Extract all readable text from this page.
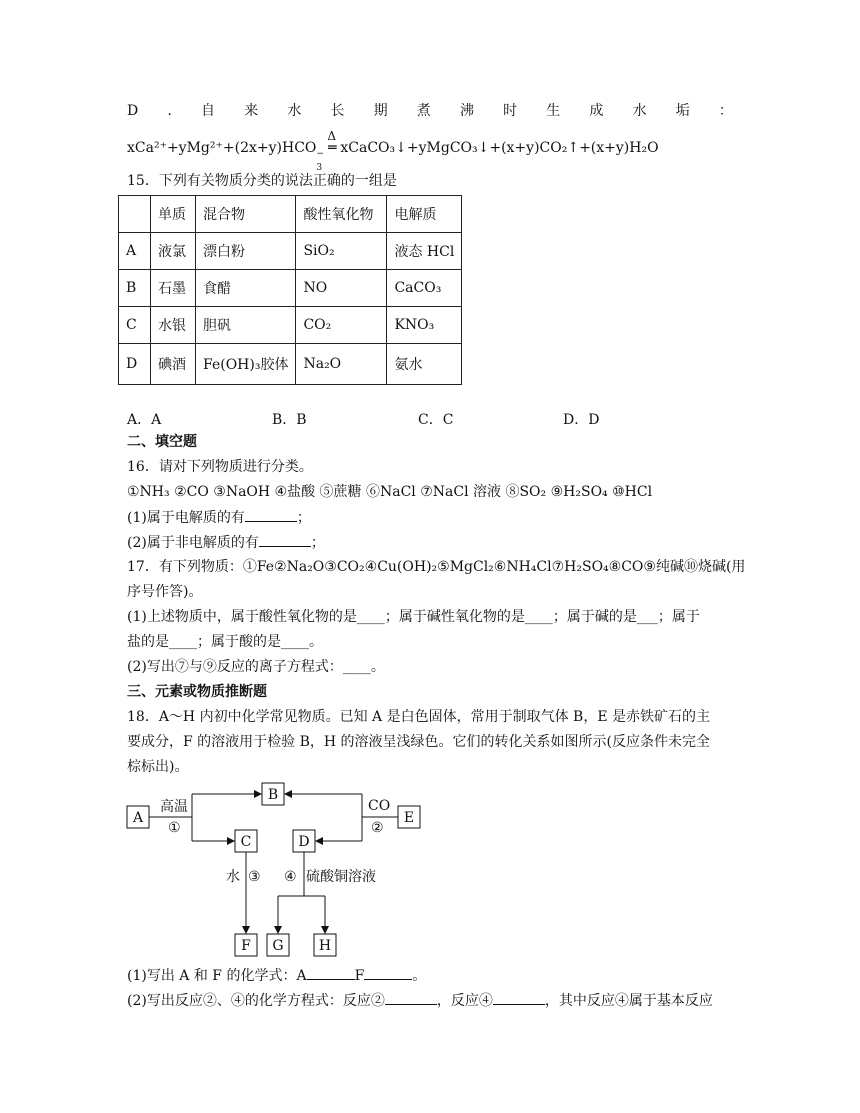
D . 自 来 水 长 期 煮 沸 时 生 成 水 垢 ：
xCa²⁺+yMg²⁺+(2x+y)HCO −
3
Δ
═ xCaCO₃↓+yMgCO₃↓+(x+y)CO₂↑+(x+y)H₂O
15．下列有关物质分类的说法正确的一组是
	单质	混合物	酸性氧化物	电解质
A	液氯	漂白粉	SiO₂	液态 HCl
B	石墨	食醋	NO	CaCO₃
C	水银	胆矾	CO₂	KNO₃
D	碘酒	Fe(OH)₃胶体	Na₂O	氨水
A．A	B．B	C．C	D．D
二、填空题
16．请对下列物质进行分类。
①NH₃ ②CO ③NaOH ④盐酸 ⑤蔗糖 ⑥NaCl ⑦NaCl 溶液 ⑧SO₂ ⑨H₂SO₄ ⑩HCl
(1)属于电解质的有	；
(2)属于非电解质的有	；
17．有下列物质：①Fe②Na₂O③CO₂④Cu(OH)₂⑤MgCl₂⑥NH₄Cl⑦H₂SO₄⑧CO⑨纯碱⑩烧碱(用
序号作答)。
(1)上述物质中，属于酸性氧化物的是____；属于碱性氧化物的是____；属于碱的是___；属于
盐的是____；属于酸的是____。
(2)写出⑦与⑨反应的离子方程式：____。
三、元素或物质推断题
18．A～H 内初中化学常见物质。已知 A 是白色固体，常用于制取气体 B，E 是赤铁矿石的主
要成分，F 的溶液用于检验 B，H 的溶液呈浅绿色。它们的转化关系如图所示(反应条件未完全
棕标出)。
A
B
C	D
E
F G	H
高温
①
CO
②
水 ③ ④ 硫酸铜溶液
(1)写出 A 和 F 的化学式：A	F	。
(2)写出反应②、④的化学方程式：反应②	，反应④	，其中反应④属于基本反应
